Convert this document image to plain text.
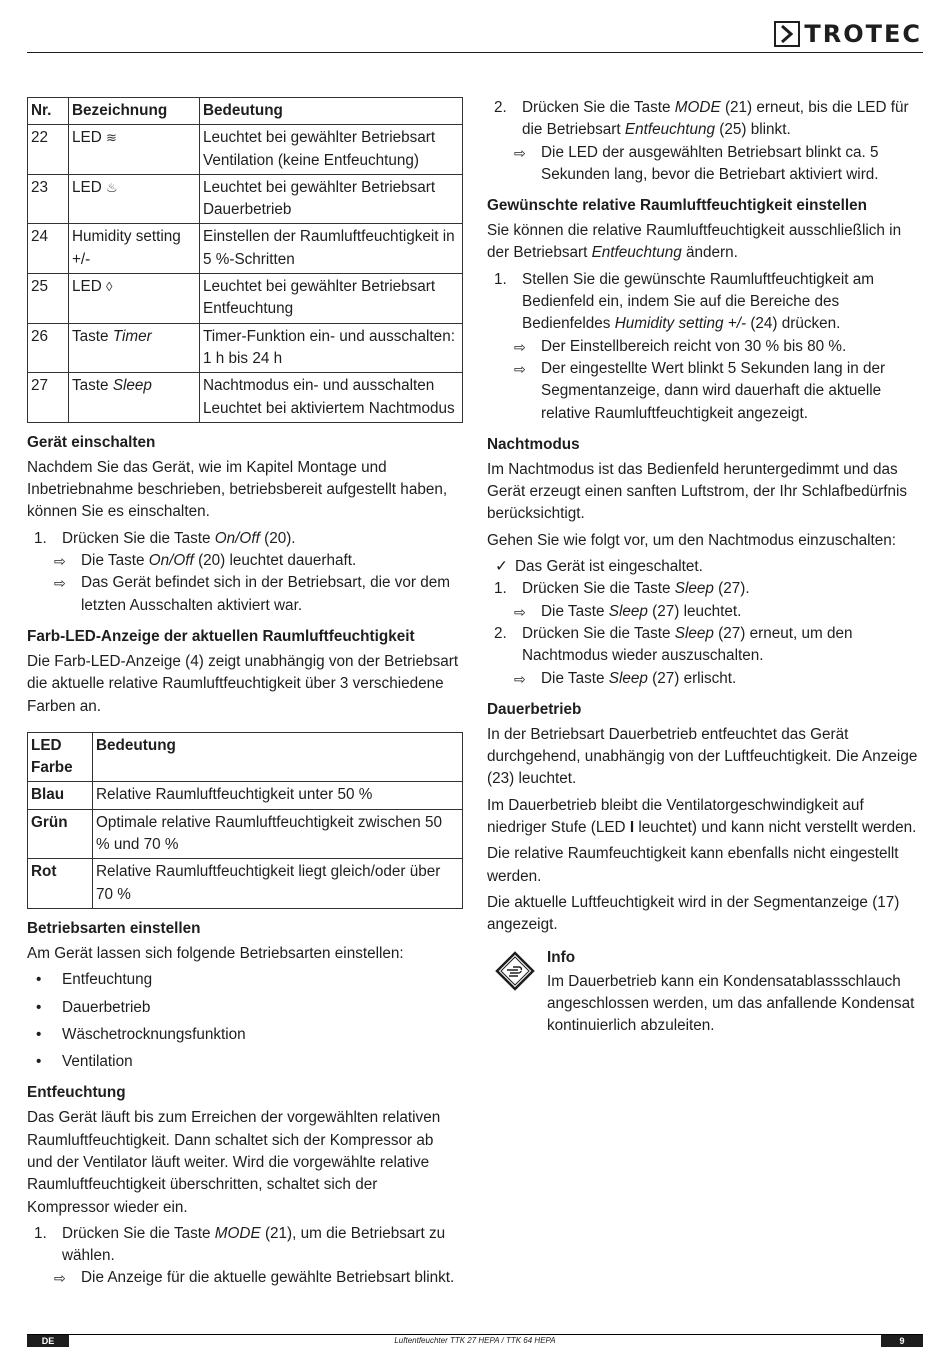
TROTEC
Nr.	Bezeichnung	Bedeutung
22	LED ≋	Leuchtet bei gewählter Betriebsart Ventilation (keine Entfeuchtung)
23	LED ♨	Leuchtet bei gewählter Betriebsart Dauerbetrieb
24	Humidity setting +/-	Einstellen der Raumluftfeuchtigkeit in 5 %-Schritten
25	LED ◊	Leuchtet bei gewählter Betriebsart Entfeuchtung
26	Taste Timer	Timer-Funktion ein- und ausschalten: 1 h bis 24 h
27	Taste Sleep	Nachtmodus ein- und ausschalten Leuchtet bei aktiviertem Nachtmodus
Gerät einschalten

Nachdem Sie das Gerät, wie im Kapitel Montage und Inbetriebnahme beschrieben, betriebsbereit aufgestellt haben, können Sie es einschalten.

1. Drücken Sie die Taste On/Off (20).
⇨ Die Taste On/Off (20) leuchtet dauerhaft.
⇨ Das Gerät befindet sich in der Betriebsart, die vor dem letzten Ausschalten aktiviert war.
Farb-LED-Anzeige der aktuellen Raumluftfeuchtigkeit

Die Farb-LED-Anzeige (4) zeigt unabhängig von der Betriebsart die aktuelle relative Raumluftfeuchtigkeit über 3 verschiedene Farben an.

LED Farbe	Bedeutung
Blau	Relative Raumluftfeuchtigkeit unter 50 %
Grün	Optimale relative Raumluftfeuchtigkeit zwischen 50 % und 70 %
Rot	Relative Raumluftfeuchtigkeit liegt gleich/oder über 70 %
Betriebsarten einstellen

Am Gerät lassen sich folgende Betriebsarten einstellen:

• Entfeuchtung
• Dauerbetrieb
• Wäschetrocknungsfunktion
• Ventilation
Entfeuchtung

Das Gerät läuft bis zum Erreichen der vorgewählten relativen Raumluftfeuchtigkeit. Dann schaltet sich der Kompressor ab und der Ventilator läuft weiter. Wird die vorgewählte relative Raumluftfeuchtigkeit überschritten, schaltet sich der Kompressor wieder ein.

1. Drücken Sie die Taste MODE (21), um die Betriebsart zu wählen.
⇨ Die Anzeige für die aktuelle gewählte Betriebsart blinkt.
2. Drücken Sie die Taste MODE (21) erneut, bis die LED für die Betriebsart Entfeuchtung (25) blinkt.
⇨ Die LED der ausgewählten Betriebsart blinkt ca. 5 Sekunden lang, bevor die Betriebart aktiviert wird.
Gewünschte relative Raumluftfeuchtigkeit einstellen

Sie können die relative Raumluftfeuchtigkeit ausschließlich in der Betriebsart Entfeuchtung ändern.

1. Stellen Sie die gewünschte Raumluftfeuchtigkeit am Bedienfeld ein, indem Sie auf die Bereiche des Bedienfeldes Humidity setting +/- (24) drücken.
⇨ Der Einstellbereich reicht von 30 % bis 80 %.
⇨ Der eingestellte Wert blinkt 5 Sekunden lang in der Segmentanzeige, dann wird dauerhaft die aktuelle relative Raumluftfeuchtigkeit angezeigt.
Nachtmodus

Im Nachtmodus ist das Bedienfeld heruntergedimmt und das Gerät erzeugt einen sanften Luftstrom, der Ihr Schlafbedürfnis berücksichtigt.

Gehen Sie wie folgt vor, um den Nachtmodus einzuschalten:

✓ Das Gerät ist eingeschaltet.
1. Drücken Sie die Taste Sleep (27).
⇨ Die Taste Sleep (27) leuchtet.
2. Drücken Sie die Taste Sleep (27) erneut, um den Nachtmodus wieder auszuschalten.
⇨ Die Taste Sleep (27) erlischt.
Dauerbetrieb

In der Betriebsart Dauerbetrieb entfeuchtet das Gerät durchgehend, unabhängig von der Luftfeuchtigkeit. Die Anzeige (23) leuchtet.

Im Dauerbetrieb bleibt die Ventilatorgeschwindigkeit auf niedriger Stufe (LED I leuchtet) und kann nicht verstellt werden.

Die relative Raumfeuchtigkeit kann ebenfalls nicht eingestellt werden.

Die aktuelle Luftfeuchtigkeit wird in der Segmentanzeige (17) angezeigt.

Info
Im Dauerbetrieb kann ein Kondensatablassschlauch angeschlossen werden, um das anfallende Kondensat kontinuierlich abzuleiten.
DE	Luftentfeuchter TTK 27 HEPA / TTK 64 HEPA	9
